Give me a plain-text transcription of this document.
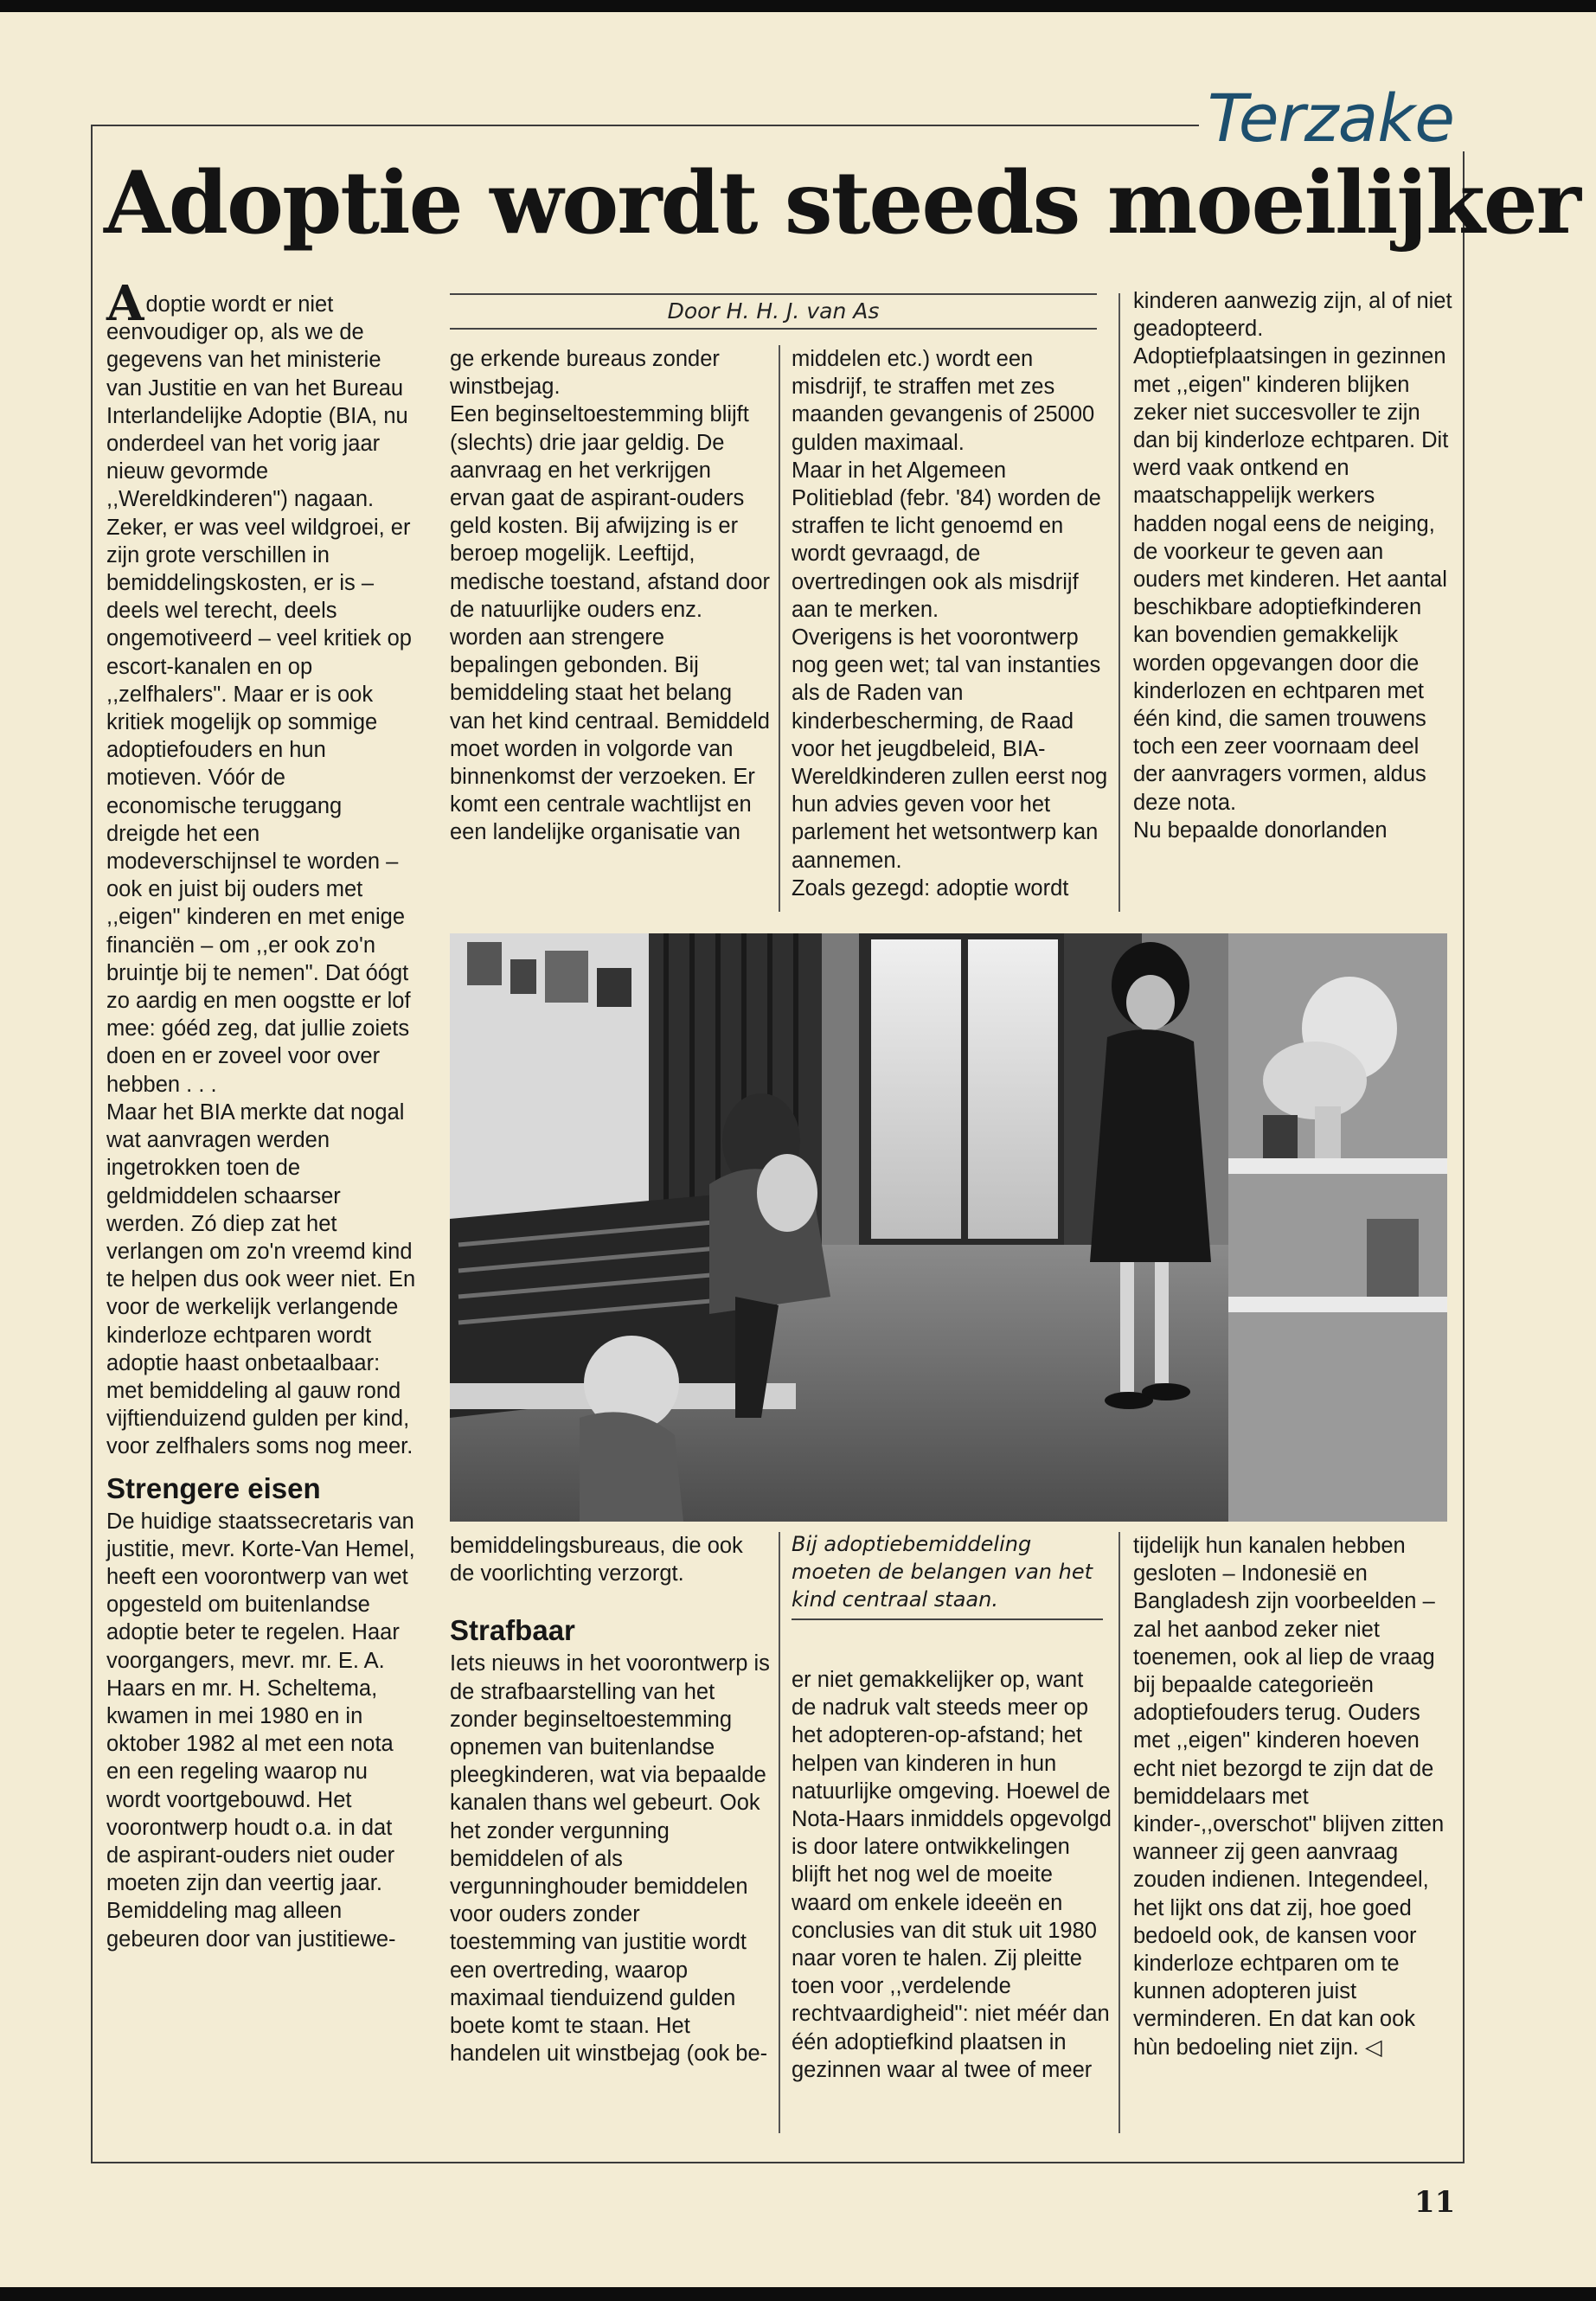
Terzake
Adoptie wordt steeds moeilijker

Adoptie wordt er niet eenvoudiger op, als we de gegevens van het ministerie van Justitie en van het Bureau Interlandelijke Adoptie (BIA, nu onderdeel van het vorig jaar nieuw gevormde ,,Wereldkinderen") nagaan. Zeker, er was veel wildgroei, er zijn grote verschillen in bemiddelingskosten, er is – deels wel terecht, deels ongemotiveerd – veel kritiek op escort-kanalen en op ,,zelfhalers". Maar er is ook kritiek mogelijk op sommige adoptiefouders en hun motieven. Vóór de economische teruggang dreigde het een modeverschijnsel te worden – ook en juist bij ouders met ,,eigen" kinderen en met enige financiën – om ,,er ook zo'n bruintje bij te nemen". Dat óógt zo aardig en men oogstte er lof mee: góéd zeg, dat jullie zoiets doen en er zoveel voor over hebben . . .

Maar het BIA merkte dat nogal wat aanvragen werden ingetrokken toen de geldmiddelen schaarser werden. Zó diep zat het verlangen om zo'n vreemd kind te helpen dus ook weer niet. En voor de werkelijk verlangende kinderloze echtparen wordt adoptie haast onbetaalbaar: met bemiddeling al gauw rond vijftienduizend gulden per kind, voor zelfhalers soms nog meer.

Strengere eisen

De huidige staatssecretaris van justitie, mevr. Korte-Van Hemel, heeft een voorontwerp van wet opgesteld om buitenlandse adoptie beter te regelen. Haar voorgangers, mevr. mr. E. A. Haars en mr. H. Scheltema, kwamen in mei 1980 en in oktober 1982 al met een nota en een regeling waarop nu wordt voortgebouwd. Het voorontwerp houdt o.a. in dat de aspirant-ouders niet ouder moeten zijn dan veertig jaar. Bemiddeling mag alleen gebeuren door van justitiewe-

Door H. H. J. van As

ge erkende bureaus zonder winstbejag.

Een beginseltoestemming blijft (slechts) drie jaar geldig. De aanvraag en het verkrijgen ervan gaat de aspirant-ouders geld kosten. Bij afwijzing is er beroep mogelijk. Leeftijd, medische toestand, afstand door de natuurlijke ouders enz. worden aan strengere bepalingen gebonden. Bij bemiddeling staat het belang van het kind centraal. Bemiddeld moet worden in volgorde van binnenkomst der verzoeken. Er komt een centrale wachtlijst en een landelijke organisatie van

middelen etc.) wordt een misdrijf, te straffen met zes maanden gevangenis of 25000 gulden maximaal.

Maar in het Algemeen Politieblad (febr. '84) worden de straffen te licht genoemd en wordt gevraagd, de overtredingen ook als misdrijf aan te merken.

Overigens is het voorontwerp nog geen wet; tal van instanties als de Raden van kinderbescherming, de Raad voor het jeugdbeleid, BIA-Wereldkinderen zullen eerst nog hun advies geven voor het parlement het wetsontwerp kan aannemen.

Zoals gezegd: adoptie wordt

kinderen aanwezig zijn, al of niet geadopteerd.

Adoptiefplaatsingen in gezinnen met ,,eigen" kinderen blijken zeker niet succesvoller te zijn dan bij kinderloze echtparen. Dit werd vaak ontkend en maatschappelijk werkers hadden nogal eens de neiging, de voorkeur te geven aan ouders met kinderen. Het aantal beschikbare adoptiefkinderen kan bovendien gemakkelijk worden opgevangen door die kinderlozen en echtparen met één kind, die samen trouwens toch een zeer voornaam deel der aanvragers vormen, aldus deze nota.

Nu bepaalde donorlanden

bemiddelingsbureaus, die ook de voorlichting verzorgt.

Strafbaar

Iets nieuws in het voorontwerp is de strafbaarstelling van het zonder beginseltoestemming opnemen van buitenlandse pleegkinderen, wat via bepaalde kanalen thans wel gebeurt. Ook het zonder vergunning bemiddelen of als vergunninghouder bemiddelen voor ouders zonder toestemming van justitie wordt een overtreding, waarop maximaal tienduizend gulden boete komt te staan. Het handelen uit winstbejag (ook be-

Bij adoptiebemiddeling moeten de belangen van het kind centraal staan.

er niet gemakkelijker op, want de nadruk valt steeds meer op het adopteren-op-afstand; het helpen van kinderen in hun natuurlijke omgeving. Hoewel de Nota-Haars inmiddels opgevolgd is door latere ontwikkelingen blijft het nog wel de moeite waard om enkele ideeën en conclusies van dit stuk uit 1980 naar voren te halen. Zij pleitte toen voor ,,verdelende rechtvaardigheid": niet méér dan één adoptiefkind plaatsen in gezinnen waar al twee of meer

tijdelijk hun kanalen hebben gesloten – Indonesië en Bangladesh zijn voorbeelden – zal het aanbod zeker niet toenemen, ook al liep de vraag bij bepaalde categorieën adoptiefouders terug. Ouders met ,,eigen" kinderen hoeven echt niet bezorgd te zijn dat de bemiddelaars met kinder-,,overschot" blijven zitten wanneer zij geen aanvraag zouden indienen. Integendeel, het lijkt ons dat zij, hoe goed bedoeld ook, de kansen voor kinderloze echtparen om te kunnen adopteren juist verminderen. En dat kan ook hùn bedoeling niet zijn. ◁

11
